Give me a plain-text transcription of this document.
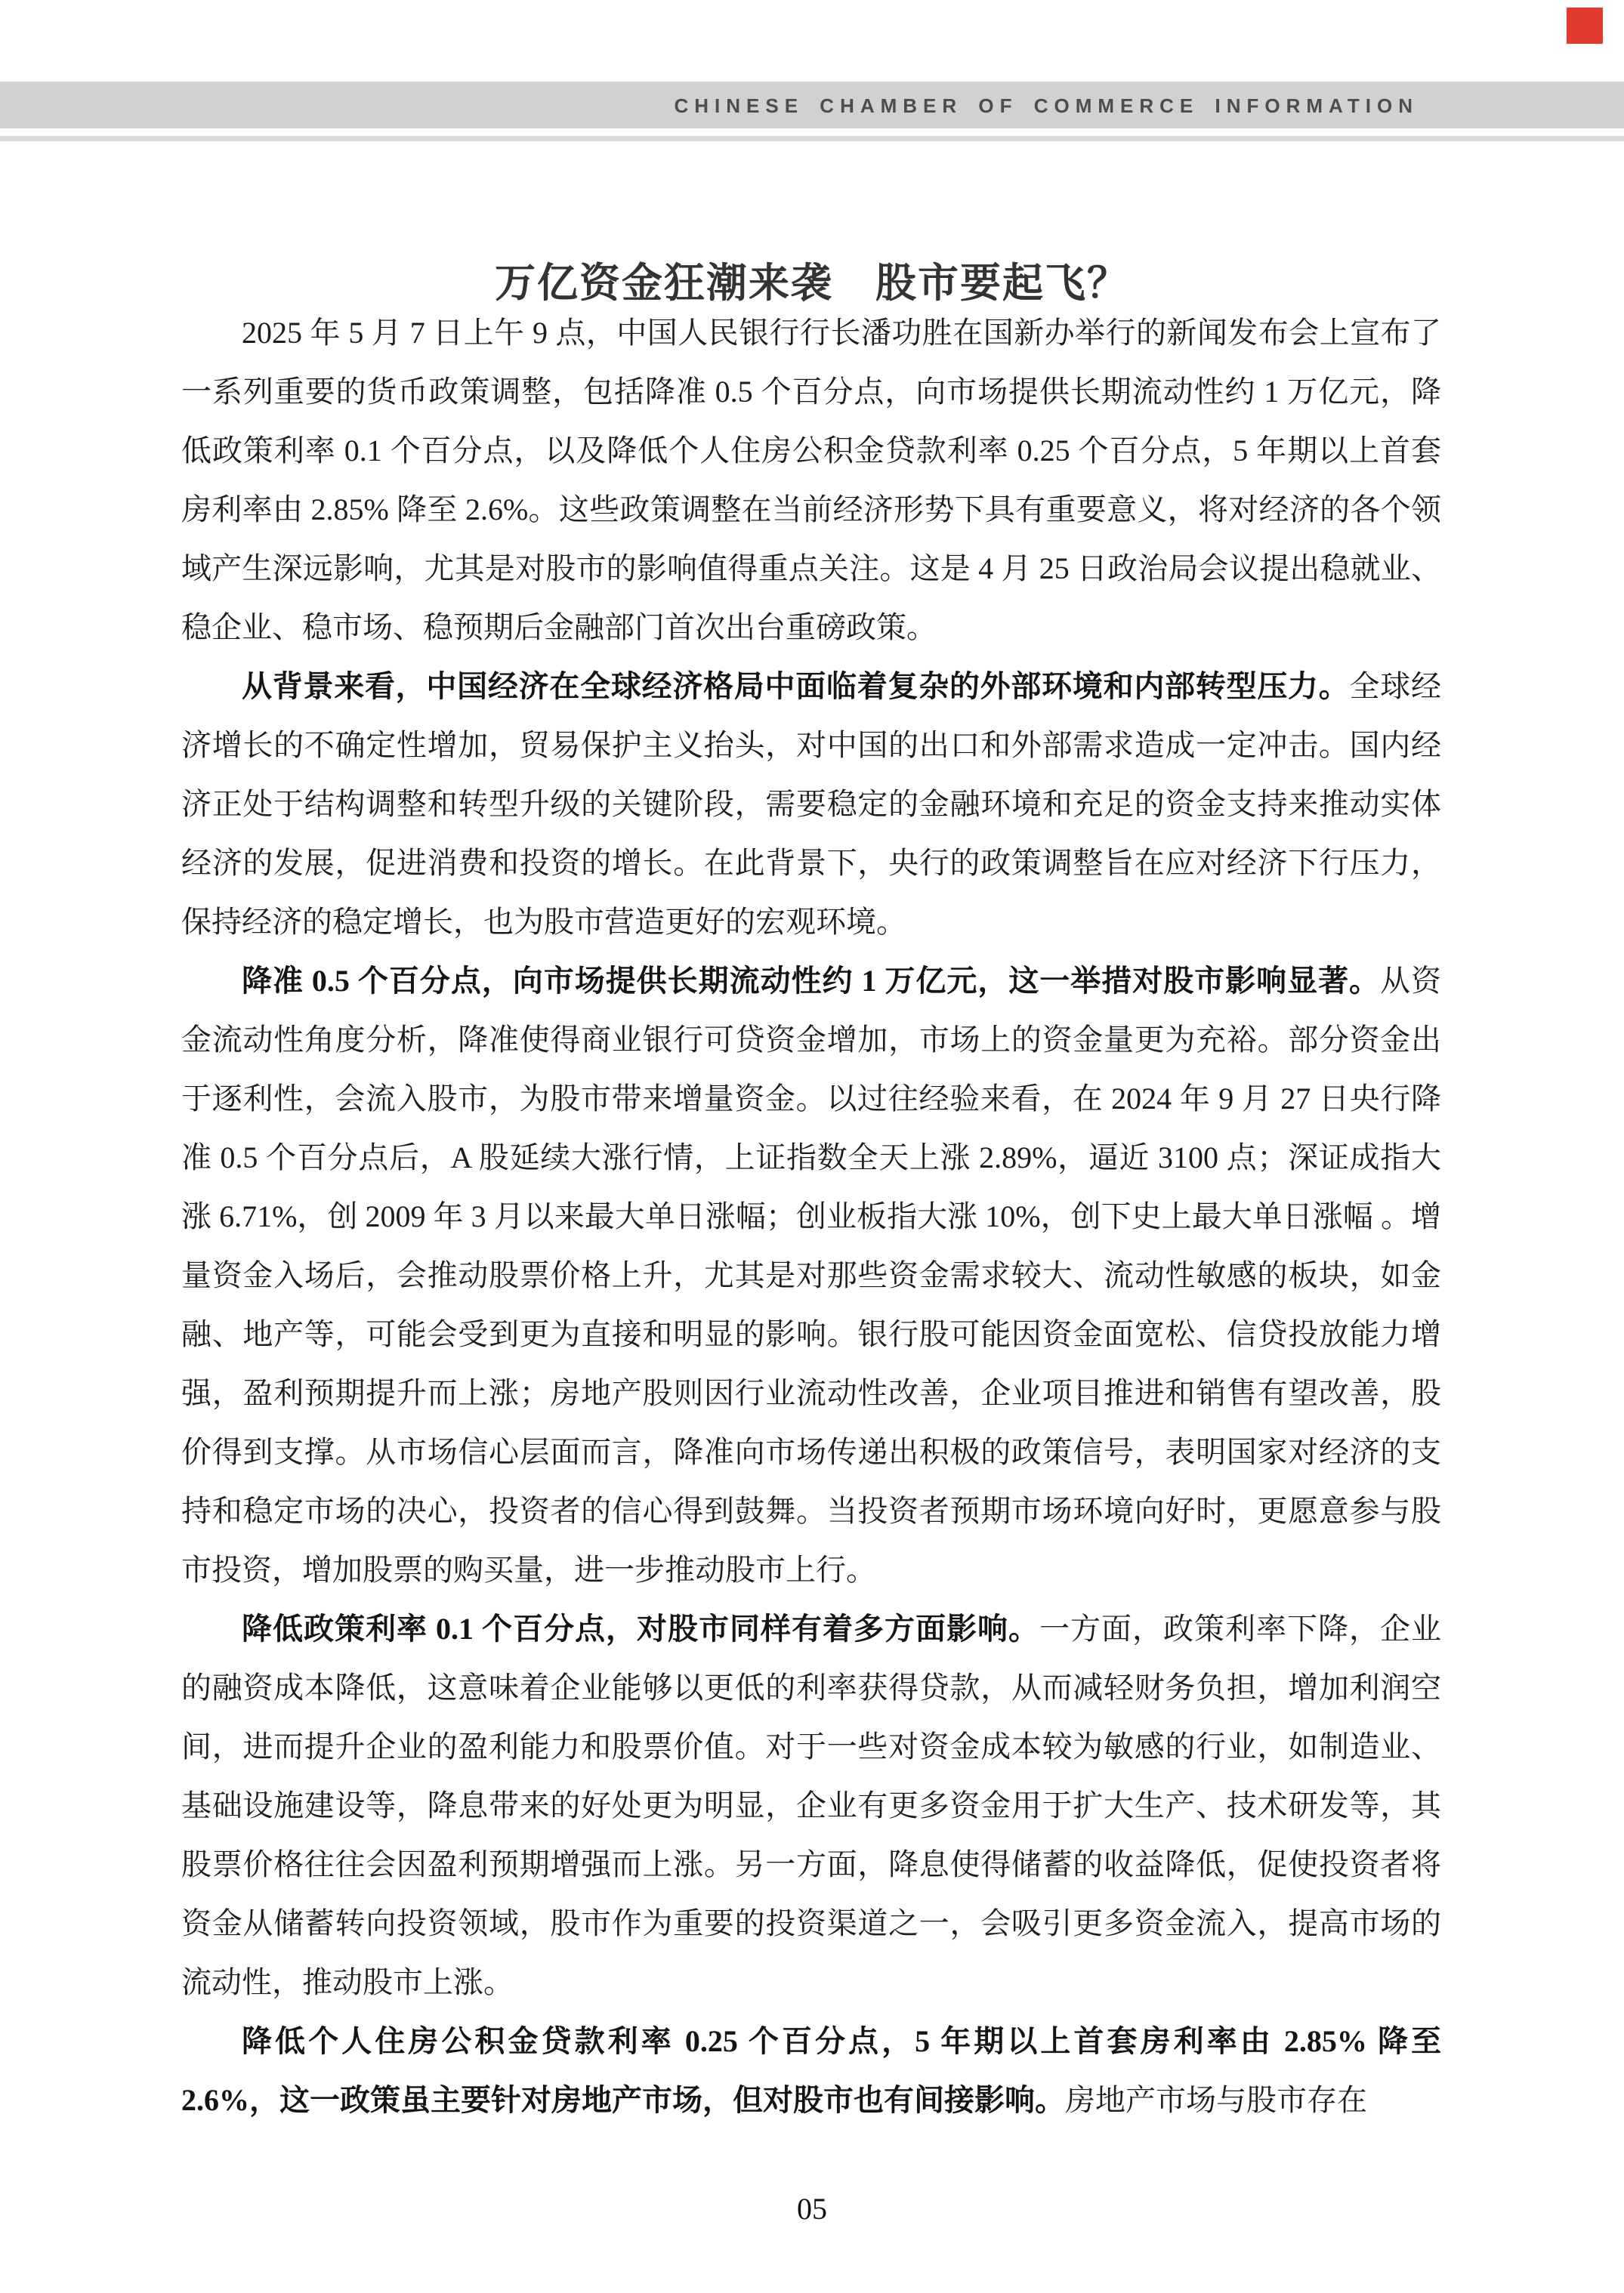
CHINESE CHAMBER OF COMMERCE INFORMATION
万亿资金狂潮来袭　股市要起飞？

2025 年 5 月 7 日上午 9 点，中国人民银行行长潘功胜在国新办举行的新闻发布会上宣布了一系列重要的货币政策调整，包括降准 0.5 个百分点，向市场提供长期流动性约 1 万亿元，降低政策利率 0.1 个百分点，以及降低个人住房公积金贷款利率 0.25 个百分点，5 年期以上首套房利率由 2.85% 降至 2.6%。这些政策调整在当前经济形势下具有重要意义，将对经济的各个领域产生深远影响，尤其是对股市的影响值得重点关注。这是 4 月 25 日政治局会议提出稳就业、稳企业、稳市场、稳预期后金融部门首次出台重磅政策。

从背景来看，中国经济在全球经济格局中面临着复杂的外部环境和内部转型压力。全球经济增长的不确定性增加，贸易保护主义抬头，对中国的出口和外部需求造成一定冲击。国内经济正处于结构调整和转型升级的关键阶段，需要稳定的金融环境和充足的资金支持来推动实体经济的发展，促进消费和投资的增长。在此背景下，央行的政策调整旨在应对经济下行压力，保持经济的稳定增长，也为股市营造更好的宏观环境。

降准 0.5 个百分点，向市场提供长期流动性约 1 万亿元，这一举措对股市影响显著。从资金流动性角度分析，降准使得商业银行可贷资金增加，市场上的资金量更为充裕。部分资金出于逐利性，会流入股市，为股市带来增量资金。以过往经验来看，在 2024 年 9 月 27 日央行降准 0.5 个百分点后，A 股延续大涨行情，上证指数全天上涨 2.89%，逼近 3100 点；深证成指大涨 6.71%，创 2009 年 3 月以来最大单日涨幅；创业板指大涨 10%，创下史上最大单日涨幅 。增量资金入场后，会推动股票价格上升，尤其是对那些资金需求较大、流动性敏感的板块，如金融、地产等，可能会受到更为直接和明显的影响。银行股可能因资金面宽松、信贷投放能力增强，盈利预期提升而上涨；房地产股则因行业流动性改善，企业项目推进和销售有望改善，股价得到支撑。从市场信心层面而言，降准向市场传递出积极的政策信号，表明国家对经济的支持和稳定市场的决心，投资者的信心得到鼓舞。当投资者预期市场环境向好时，更愿意参与股市投资，增加股票的购买量，进一步推动股市上行。

降低政策利率 0.1 个百分点，对股市同样有着多方面影响。一方面，政策利率下降，企业的融资成本降低，这意味着企业能够以更低的利率获得贷款，从而减轻财务负担，增加利润空间，进而提升企业的盈利能力和股票价值。对于一些对资金成本较为敏感的行业，如制造业、基础设施建设等，降息带来的好处更为明显，企业有更多资金用于扩大生产、技术研发等，其股票价格往往会因盈利预期增强而上涨。另一方面，降息使得储蓄的收益降低，促使投资者将资金从储蓄转向投资领域，股市作为重要的投资渠道之一，会吸引更多资金流入，提高市场的流动性，推动股市上涨。

降低个人住房公积金贷款利率 0.25 个百分点，5 年期以上首套房利率由 2.85% 降至 2.6%，这一政策虽主要针对房地产市场，但对股市也有间接影响。房地产市场与股市存在

05
